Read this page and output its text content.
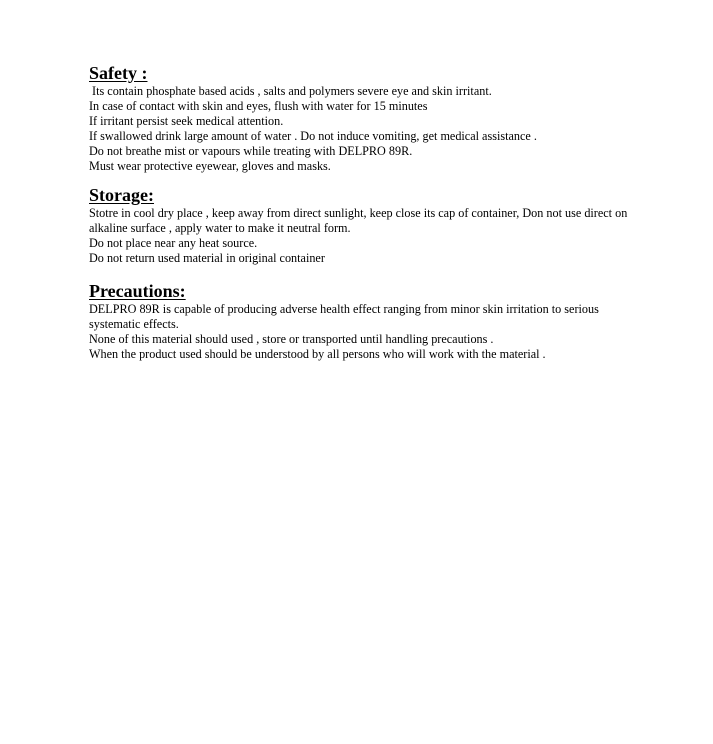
Safety :
Its contain phosphate based acids , salts and polymers severe eye and skin irritant.
In case of contact with skin and eyes, flush with water for 15 minutes
If irritant persist seek medical attention.
If swallowed drink large amount of water . Do not induce vomiting, get medical assistance .
Do not breathe mist or vapours while treating with DELPRO 89R.
Must wear protective eyewear, gloves and masks.
Storage:
Stotre in cool dry place , keep away from direct sunlight, keep close its cap of container, Don not use direct on alkaline surface , apply water to make it neutral form.
Do not place near any heat source.
Do not return used material in original container
Precautions:
DELPRO 89R is capable of producing adverse health effect ranging from minor skin irritation to serious systematic effects.
None of this material should used , store or transported until handling precautions .
When the product used should be understood by all persons who will work with the material .
